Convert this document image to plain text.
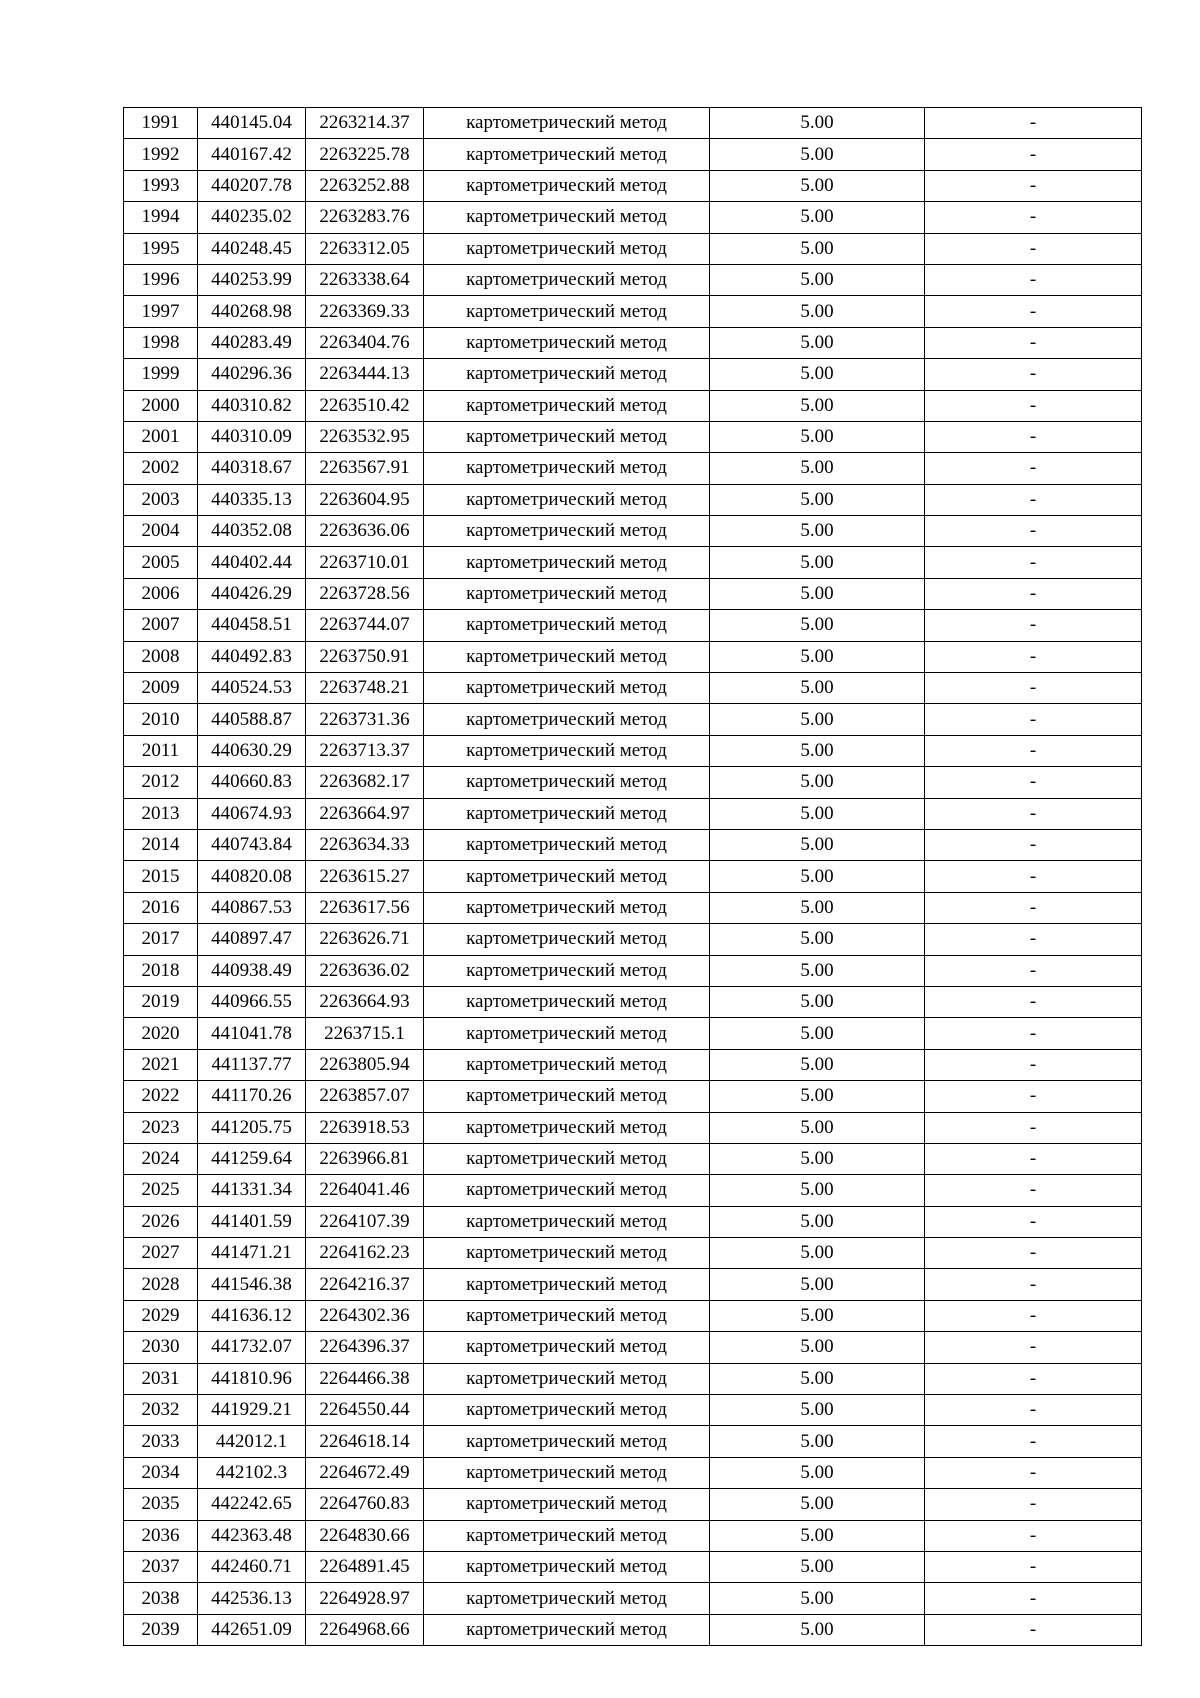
1991	440145.04	2263214.37	картометрический метод	5.00	-
1992	440167.42	2263225.78	картометрический метод	5.00	-
1993	440207.78	2263252.88	картометрический метод	5.00	-
1994	440235.02	2263283.76	картометрический метод	5.00	-
1995	440248.45	2263312.05	картометрический метод	5.00	-
1996	440253.99	2263338.64	картометрический метод	5.00	-
1997	440268.98	2263369.33	картометрический метод	5.00	-
1998	440283.49	2263404.76	картометрический метод	5.00	-
1999	440296.36	2263444.13	картометрический метод	5.00	-
2000	440310.82	2263510.42	картометрический метод	5.00	-
2001	440310.09	2263532.95	картометрический метод	5.00	-
2002	440318.67	2263567.91	картометрический метод	5.00	-
2003	440335.13	2263604.95	картометрический метод	5.00	-
2004	440352.08	2263636.06	картометрический метод	5.00	-
2005	440402.44	2263710.01	картометрический метод	5.00	-
2006	440426.29	2263728.56	картометрический метод	5.00	-
2007	440458.51	2263744.07	картометрический метод	5.00	-
2008	440492.83	2263750.91	картометрический метод	5.00	-
2009	440524.53	2263748.21	картометрический метод	5.00	-
2010	440588.87	2263731.36	картометрический метод	5.00	-
2011	440630.29	2263713.37	картометрический метод	5.00	-
2012	440660.83	2263682.17	картометрический метод	5.00	-
2013	440674.93	2263664.97	картометрический метод	5.00	-
2014	440743.84	2263634.33	картометрический метод	5.00	-
2015	440820.08	2263615.27	картометрический метод	5.00	-
2016	440867.53	2263617.56	картометрический метод	5.00	-
2017	440897.47	2263626.71	картометрический метод	5.00	-
2018	440938.49	2263636.02	картометрический метод	5.00	-
2019	440966.55	2263664.93	картометрический метод	5.00	-
2020	441041.78	2263715.1	картометрический метод	5.00	-
2021	441137.77	2263805.94	картометрический метод	5.00	-
2022	441170.26	2263857.07	картометрический метод	5.00	-
2023	441205.75	2263918.53	картометрический метод	5.00	-
2024	441259.64	2263966.81	картометрический метод	5.00	-
2025	441331.34	2264041.46	картометрический метод	5.00	-
2026	441401.59	2264107.39	картометрический метод	5.00	-
2027	441471.21	2264162.23	картометрический метод	5.00	-
2028	441546.38	2264216.37	картометрический метод	5.00	-
2029	441636.12	2264302.36	картометрический метод	5.00	-
2030	441732.07	2264396.37	картометрический метод	5.00	-
2031	441810.96	2264466.38	картометрический метод	5.00	-
2032	441929.21	2264550.44	картометрический метод	5.00	-
2033	442012.1	2264618.14	картометрический метод	5.00	-
2034	442102.3	2264672.49	картометрический метод	5.00	-
2035	442242.65	2264760.83	картометрический метод	5.00	-
2036	442363.48	2264830.66	картометрический метод	5.00	-
2037	442460.71	2264891.45	картометрический метод	5.00	-
2038	442536.13	2264928.97	картометрический метод	5.00	-
2039	442651.09	2264968.66	картометрический метод	5.00	-
